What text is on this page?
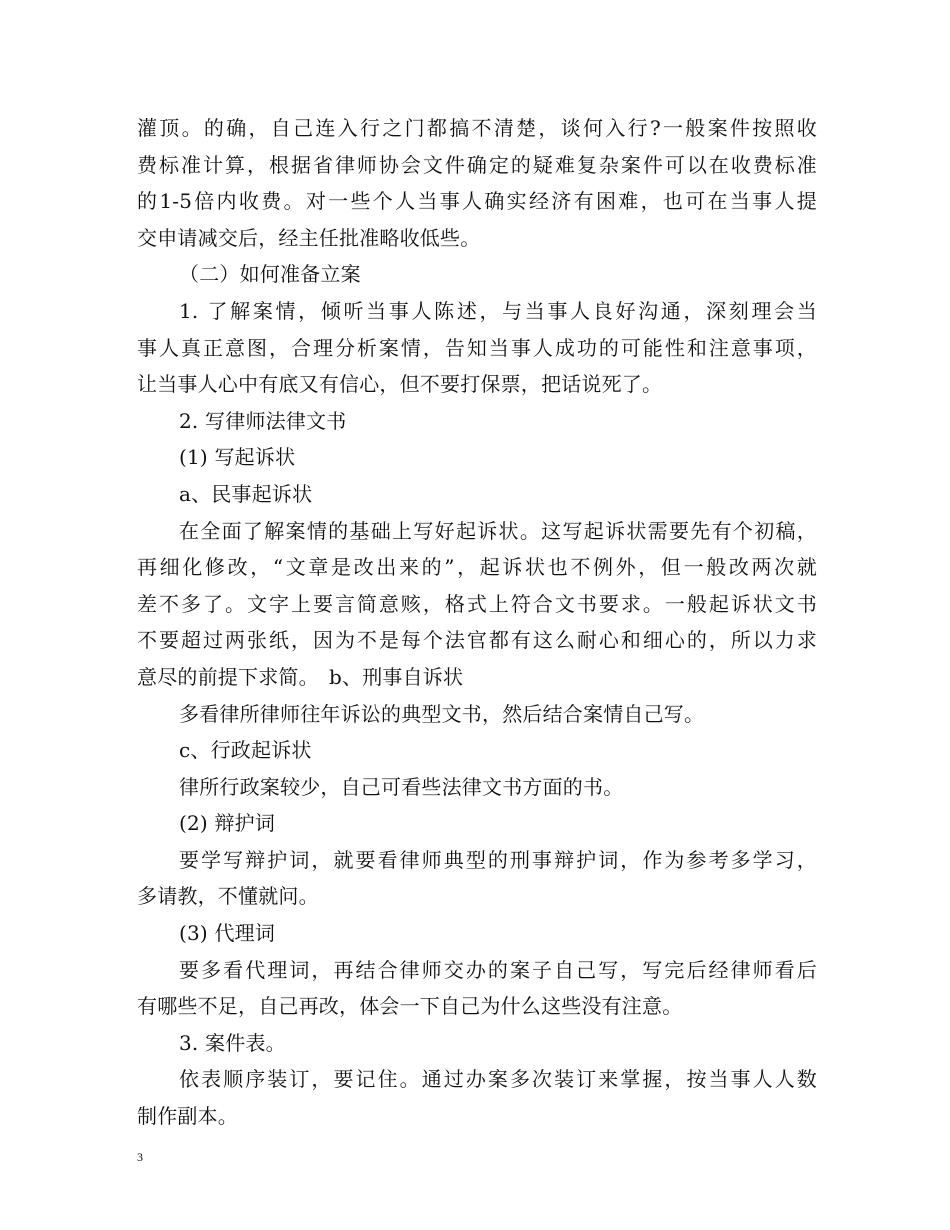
灌顶。的确，自己连入行之门都搞不清楚，谈何入行?一般案件按照收
费标准计算，根据省律师协会文件确定的疑难复杂案件可以在收费标准
的1-5倍内收费。对一些个人当事人确实经济有困难，也可在当事人提
交申请减交后，经主任批准略收低些。
（二）如何准备立案
1. 了解案情，倾听当事人陈述，与当事人良好沟通，深刻理会当
事人真正意图，合理分析案情，告知当事人成功的可能性和注意事项，
让当事人心中有底又有信心，但不要打保票，把话说死了。
2. 写律师法律文书
(1) 写起诉状
a、民事起诉状
在全面了解案情的基础上写好起诉状。这写起诉状需要先有个初稿，
再细化修改，“文章是改出来的”，起诉状也不例外，但一般改两次就
差不多了。文字上要言简意赅，格式上符合文书要求。一般起诉状文书
不要超过两张纸，因为不是每个法官都有这么耐心和细心的，所以力求
意尽的前提下求简。　b、刑事自诉状
多看律所律师往年诉讼的典型文书，然后结合案情自己写。
c、行政起诉状
律所行政案较少，自己可看些法律文书方面的书。
(2) 辩护词
要学写辩护词，就要看律师典型的刑事辩护词，作为参考多学习，
多请教，不懂就问。
(3) 代理词
要多看代理词，再结合律师交办的案子自己写，写完后经律师看后
有哪些不足，自己再改，体会一下自己为什么这些没有注意。
3. 案件表。
依表顺序装订，要记住。通过办案多次装订来掌握，按当事人人数
制作副本。
3
